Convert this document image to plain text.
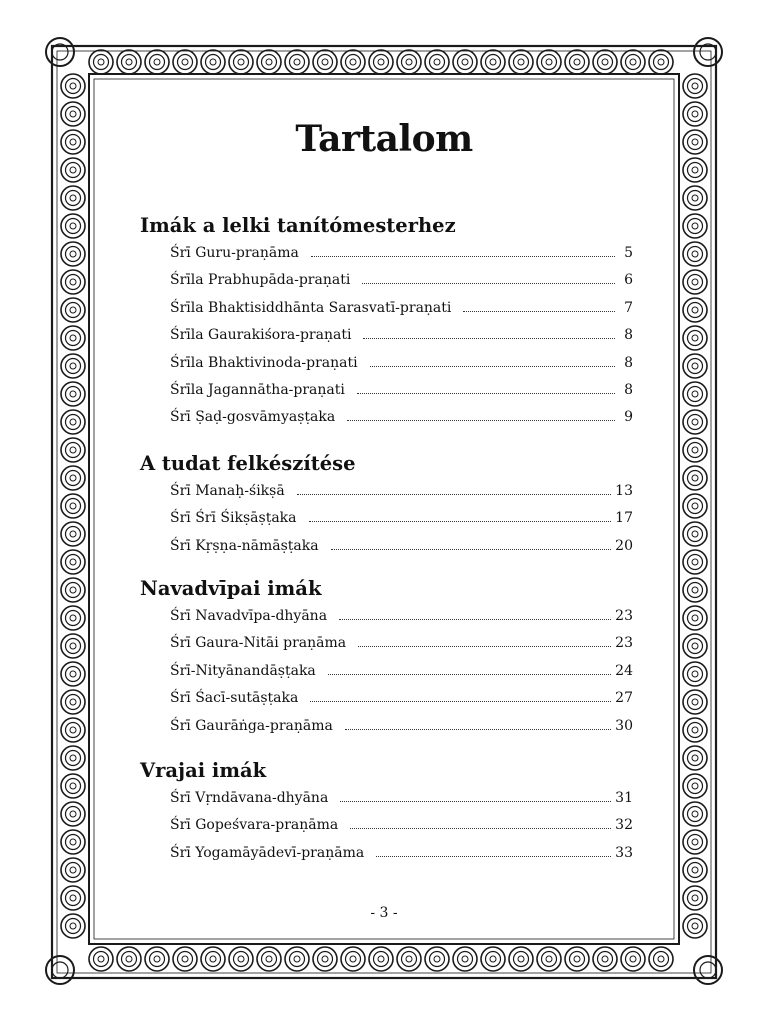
Tartalom
Imák a lelki tanítómesterhez
Śrī Guru-praṇāma	5
Śrīla Prabhupāda-praṇati	6
Śrīla Bhaktisiddhānta Sarasvatī-praṇati	7
Śrīla Gaurakiśora-praṇati	8
Śrīla Bhaktivinoda-praṇati	8
Śrīla Jagannātha-praṇati	8
Śrī Ṣaḍ-gosvāmyaṣṭaka	9
A tudat felkészítése
Śrī Manaḥ-śikṣā	13
Śrī Śrī Śikṣāṣṭaka	17
Śrī Kṛṣṇa-nāmāṣṭaka	20
Navadvīpai imák
Śrī Navadvīpa-dhyāna	23
Śrī Gaura-Nitāi praṇāma	23
Śrī-Nityānandāṣṭaka	24
Śrī Śacī-sutāṣṭaka	27
Śrī Gaurāṅga-praṇāma	30
Vrajai imák
Śrī Vṛndāvana-dhyāna	31
Śrī Gopeśvara-praṇāma	32
Śrī Yogamāyādevī-praṇāma	33
- 3 -
